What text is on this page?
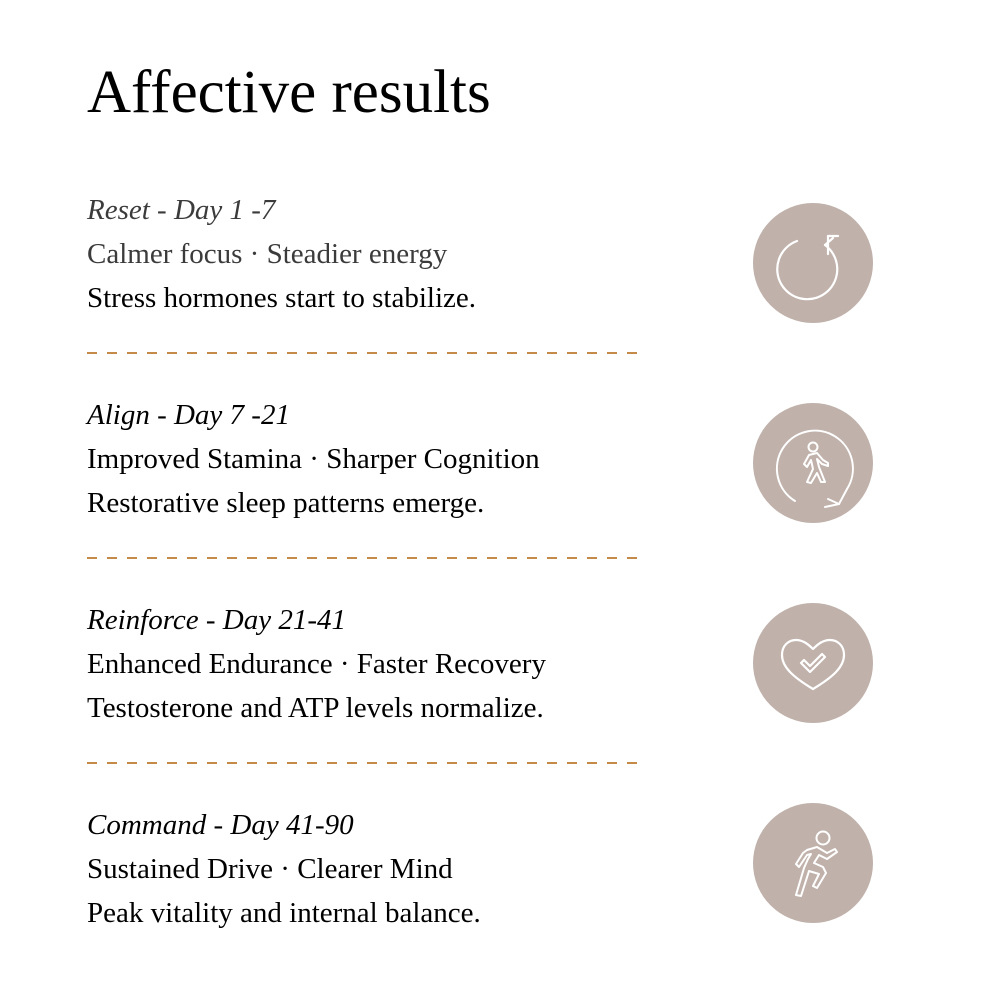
Affective results
Reset - Day 1 -7
Calmer focus · Steadier energy
Stress hormones start to stabilize.
Align - Day 7 -21
Improved Stamina · Sharper Cognition
Restorative sleep patterns emerge.
Reinforce - Day 21-41
Enhanced Endurance · Faster Recovery
Testosterone and ATP levels normalize.
Command - Day 41-90
Sustained Drive · Clearer Mind
Peak vitality and internal balance.
